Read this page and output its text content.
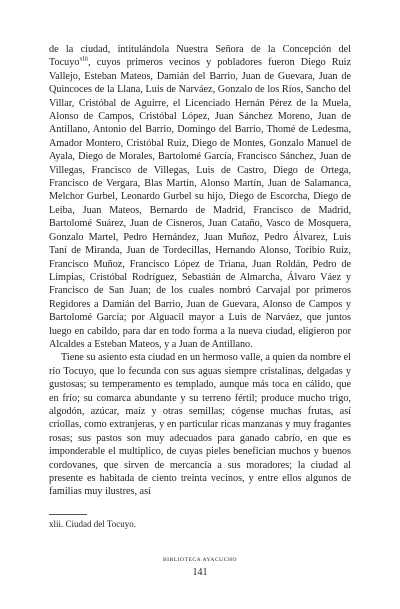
de la ciudad, intitulándola Nuestra Señora de la Concepción del Tocuyo$^{xlii}$, cuyos primeros vecinos y pobladores fueron Diego Ruiz Vallejo, Esteban Mateos, Damián del Barrio, Juan de Guevara, Juan de Quincoces de la Llana, Luis de Narváez, Gonzalo de los Ríos, Sancho del Villar, Cristóbal de Aguirre, el Licenciado Hernán Pérez de la Muela, Alonso de Campos, Cristóbal López, Juan Sánchez Moreno, Juan de Antillano, Antonio del Barrio, Domingo del Barrio, Thomé de Ledesma, Amador Montero, Cristóbal Ruiz, Diego de Montes, Gonzalo Manuel de Ayala, Diego de Morales, Bartolomé García, Francisco Sánchez, Juan de Villegas, Francisco de Villegas, Luis de Castro, Diego de Ortega, Francisco de Vergara, Blas Martín, Alonso Martín, Juan de Salamanca, Melchor Gurbel, Leonardo Gurbel su hijo, Diego de Escorcha, Diego de Leiba, Juan Mateos, Bernardo de Madrid, Francisco de Madrid, Bartolomé Suárez, Juan de Cisneros, Juan Cataño, Vasco de Mosquera, Gonzalo Martel, Pedro Hernández, Juan Muñoz, Pedro Álvarez, Luis Taní de Miranda, Juan de Tordecillas, Hernando Alonso, Toribio Ruiz, Francisco Muñoz, Francisco López de Triana, Juan Roldán, Pedro de Limpias, Cristóbal Rodríguez, Sebastián de Almarcha, Álvaro Váez y Francisco de San Juan; de los cuales nombró Carvajal por primeros Regidores a Damián del Barrio, Juan de Guevara, Alonso de Campos y Bartolomé García; por Alguacil mayor a Luis de Narváez, que juntos luego en cabildo, para dar en todo forma a la nueva ciudad, eligieron por Alcaldes a Esteban Mateos, y a Juan de Antillano.

Tiene su asiento esta ciudad en un hermoso valle, a quien da nombre el río Tocuyo, que lo fecunda con sus aguas siempre cristalinas, delgadas y gustosas; su temperamento es templado, aunque más toca en cálido, que en frío; su comarca abundante y su terreno fértil; produce mucho trigo, algodón, azúcar, maíz y otras semillas; cógense muchas frutas, así criollas, como extranjeras, y en particular ricas manzanas y muy fragantes rosas; sus pastos son muy adecuados para ganado cabrío, en que es imponderable el multiplico, de cuyas pieles benefician muchos y buenos cordovanes, que sirven de mercancía a sus moradores; la ciudad al presente es habitada de ciento treinta vecinos, y entre ellos algunos de familias muy ilustres, así

xlii. Ciudad del Tocuyo.
BIBLIOTECA AYACUCHO
141
